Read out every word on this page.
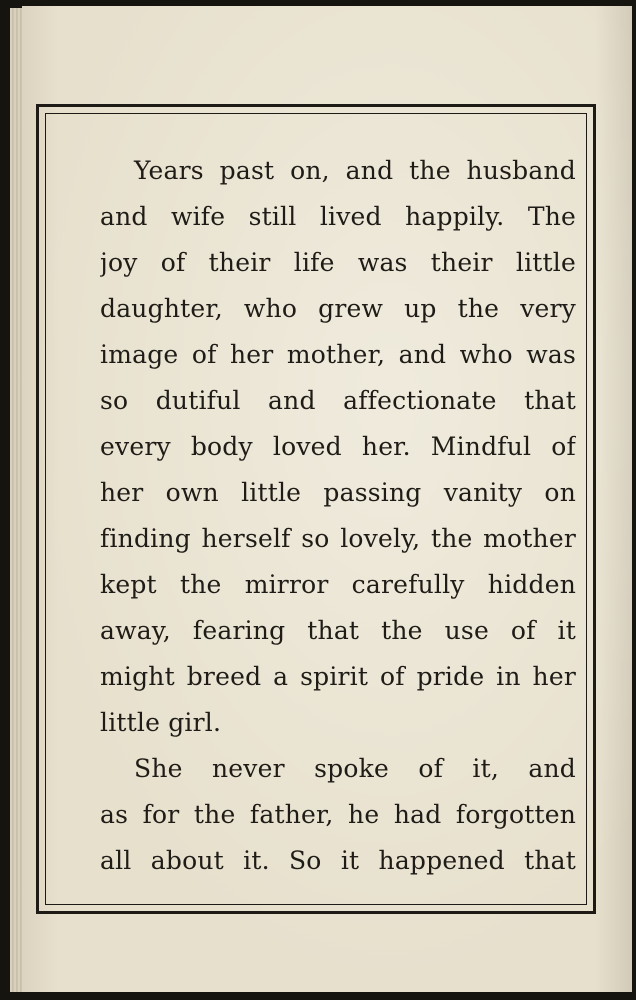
Years past on, and the husband
and wife still lived happily. The
joy of their life was their little
daughter, who grew up the very
image of her mother, and who was
so dutiful and affectionate that
every body loved her. Mindful of
her own little passing vanity on
finding herself so lovely, the mother
kept the mirror carefully hidden
away, fearing that the use of it
might breed a spirit of pride in her
little girl.
She never spoke of it, and
as for the father, he had forgotten
all about it. So it happened that
